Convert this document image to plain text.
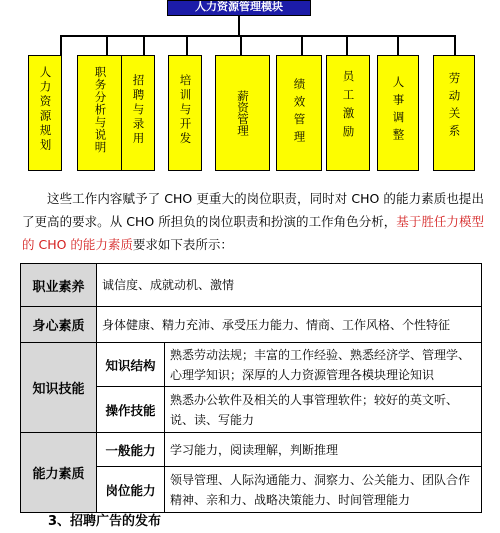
人力资源管理模块
人力资源规划	职务分析与说明 招聘与录用	培训与开发	薪资管理	绩效管理	员工激励	人事调整	劳动关系

这些工作内容赋予了 CHO 更重大的岗位职责，同时对 CHO 的能力素质也提出了更高的要求。从 CHO 所担负的岗位职责和扮演的工作角色分析，基于胜任力模型的 CHO 的能力素质要求如下表所示：

职业素养	诚信度、成就动机、激情	
身心素质	身体健康、精力充沛、承受压力能力、情商、工作风格、个性特征	
知识技能	知识结构	熟悉劳动法规；丰富的工作经验、熟悉经济学、管理学、心理学知识；深厚的人力资源管理各模块理论知识
	操作技能	熟悉办公软件及相关的人事管理软件；较好的英文听、说、读、写能力
能力素质	一般能力	学习能力，阅读理解，判断推理
	岗位能力	领导管理、人际沟通能力、洞察力、公关能力、团队合作精神、亲和力、战略决策能力、时间管理能力
3、招聘广告的发布
